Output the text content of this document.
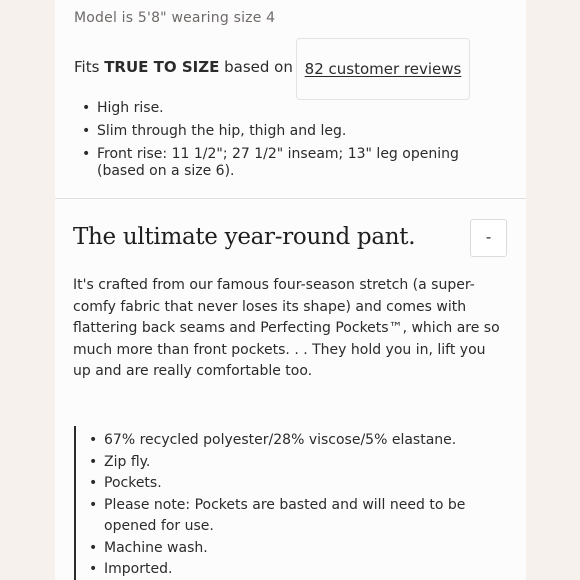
Model is 5'8" wearing size 4
Fits TRUE TO SIZE based on 82 customer reviews
• High rise.
• Slim through the hip, thigh and leg.
• Front rise: 11 1/2"; 27 1/2" inseam; 13" leg opening (based on a size 6).
The ultimate year-round pant.	-

It's crafted from our famous four-season stretch (a super-comfy fabric that never loses its shape) and comes with flattering back seams and Perfecting Pockets™, which are so much more than front pockets. . . They hold you in, lift you up and are really comfortable too.

• 67% recycled polyester/28% viscose/5% elastane.
• Zip fly.
• Pockets.
• Please note: Pockets are basted and will need to be opened for use.
• Machine wash.
• Imported.
